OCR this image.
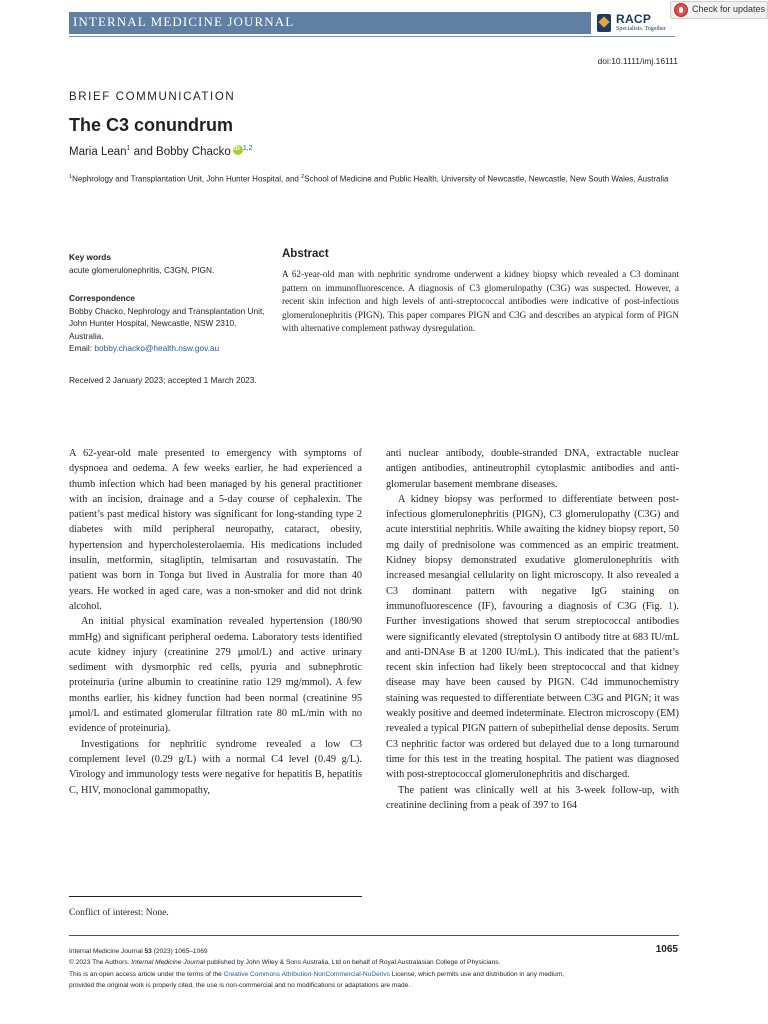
INTERNAL MEDICINE JOURNAL	RACP
Specialists. Together
Check for updates
doi:10.1111/imj.16111
BRIEF COMMUNICATION
The C3 conundrum
Maria Lean$^1$ and Bobby ChackoiD $^{1,2}$
$^1$Nephrology and Transplantation Unit, John Hunter Hospital, and $^2$School of Medicine and Public Health, University of Newcastle, Newcastle, New South Wales, Australia
Key words
acute glomerulonephritis, C3GN, PIGN.
Correspondence
Bobby Chacko, Nephrology and Transplantation Unit, John Hunter Hospital, Newcastle, NSW 2310, Australia.
Email: bobby.chacko@health.nsw.gov.au
Received 2 January 2023; accepted 1 March 2023.
Abstract
A 62-year-old man with nephritic syndrome underwent a kidney biopsy which revealed a C3 dominant pattern on immunofluorescence. A diagnosis of C3 glomerulopathy (C3G) was suspected. However, a recent skin infection and high levels of anti-streptococcal antibodies were indicative of post-infectious glomerulonephritis (PIGN). This paper compares PIGN and C3G and describes an atypical form of PIGN with alternative complement pathway dysregulation.

A 62-year-old male presented to emergency with symptoms of dyspnoea and oedema. A few weeks earlier, he had experienced a thumb infection which had been managed by his general practitioner with an incision, drainage and a 5-day course of cephalexin. The patient’s past medical history was significant for long-standing type 2 diabetes with mild peripheral neuropathy, cataract, obesity, hypertension and hypercholesterolaemia. His medications included insulin, metformin, sitagliptin, telmisartan and rosuvastatin. The patient was born in Tonga but lived in Australia for more than 40 years. He worked in aged care, was a non-smoker and did not drink alcohol.

An initial physical examination revealed hypertension (180/90 mmHg) and significant peripheral oedema. Laboratory tests identified acute kidney injury (creatinine 279 μmol/L) and active urinary sediment with dysmorphic red cells, pyuria and subnephrotic proteinuria (urine albumin to creatinine ratio 129 mg/mmol). A few months earlier, his kidney function had been normal (creatinine 95 μmol/L and estimated glomerular filtration rate 80 mL/min with no evidence of proteinuria).

Investigations for nephritic syndrome revealed a low C3 complement level (0.29 g/L) with a normal C4 level (0.49 g/L). Virology and immunology tests were negative for hepatitis B, hepatitis C, HIV, monoclonal gammopathy,

anti nuclear antibody, double-stranded DNA, extractable nuclear antigen antibodies, antineutrophil cytoplasmic antibodies and anti-glomerular basement membrane diseases.

A kidney biopsy was performed to differentiate between post-infectious glomerulonephritis (PIGN), C3 glomerulopathy (C3G) and acute interstitial nephritis. While awaiting the kidney biopsy report, 50 mg daily of prednisolone was commenced as an empiric treatment. Kidney biopsy demonstrated exudative glomerulonephritis with increased mesangial cellularity on light microscopy. It also revealed a C3 dominant pattern with negative IgG staining on immunofluorescence (IF), favouring a diagnosis of C3G (Fig. 1). Further investigations showed that serum streptococcal antibodies were significantly elevated (streptolysin O antibody titre at 683 IU/mL and anti-DNAse B at 1200 IU/mL). This indicated that the patient’s recent skin infection had likely been streptococcal and that kidney disease may have been caused by PIGN. C4d immunochemistry staining was requested to differentiate between C3G and PIGN; it was weakly positive and deemed indeterminate. Electron microscopy (EM) revealed a typical PIGN pattern of subepithelial dense deposits. Serum C3 nephritic factor was ordered but delayed due to a long turnaround time for this test in the treating hospital. The patient was diagnosed with post-streptococcal glomerulonephritis and discharged.

The patient was clinically well at his 3-week follow-up, with creatinine declining from a peak of 397 to 164

Conflict of interest: None.
Internal Medicine Journal 53 (2023) 1065–1069	1065
© 2023 The Authors. Internal Medicine Journal published by John Wiley & Sons Australia, Ltd on behalf of Royal Australasian College of Physicians.
This is an open access article under the terms of the Creative Commons Attribution-NonCommercial-NoDerivs License, which permits use and distribution in any medium,
provided the original work is properly cited, the use is non-commercial and no modifications or adaptations are made.
